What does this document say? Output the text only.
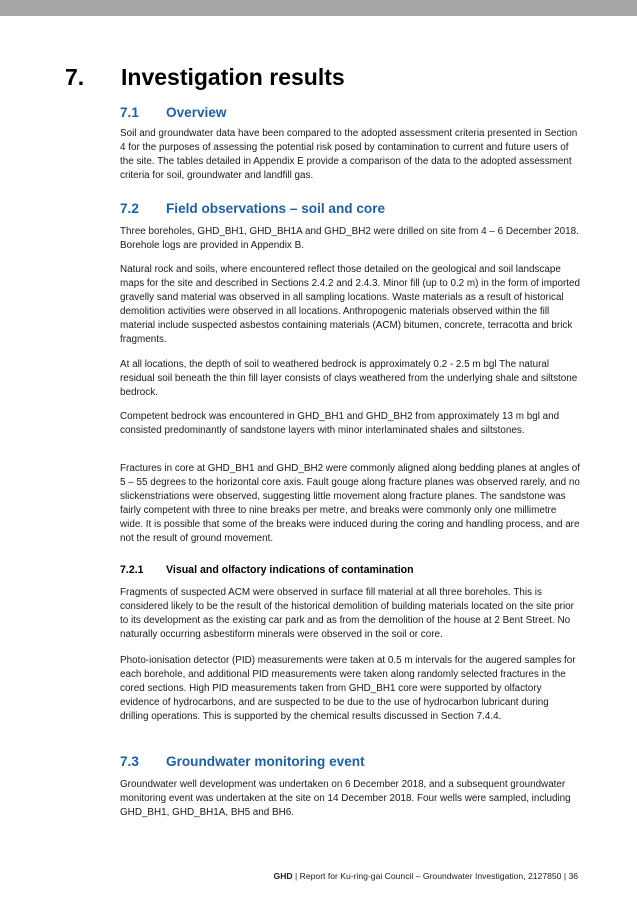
7. Investigation results
7.1 Overview

Soil and groundwater data have been compared to the adopted assessment criteria presented in Section 4 for the purposes of assessing the potential risk posed by contamination to current and future users of the site. The tables detailed in Appendix E provide a comparison of the data to the adopted assessment criteria for soil, groundwater and landfill gas.

7.2 Field observations – soil and core

Three boreholes, GHD_BH1, GHD_BH1A and GHD_BH2 were drilled on site from 4 – 6 December 2018. Borehole logs are provided in Appendix B.

Natural rock and soils, where encountered reflect those detailed on the geological and soil landscape maps for the site and described in Sections 2.4.2 and 2.4.3. Minor fill (up to 0.2 m) in the form of imported gravelly sand material was observed in all sampling locations. Waste materials as a result of historical demolition activities were observed in all locations. Anthropogenic materials observed within the fill material include suspected asbestos containing materials (ACM) bitumen, concrete, terracotta and brick fragments.

At all locations, the depth of soil to weathered bedrock is approximately 0.2 - 2.5 m bgl The natural residual soil beneath the thin fill layer consists of clays weathered from the underlying shale and siltstone bedrock.

Competent bedrock was encountered in GHD_BH1 and GHD_BH2 from approximately 13 m bgl and consisted predominantly of sandstone layers with minor interlaminated shales and siltstones.

Fractures in core at GHD_BH1 and GHD_BH2 were commonly aligned along bedding planes at angles of 5 – 55 degrees to the horizontal core axis. Fault gouge along fracture planes was observed rarely, and no slickenstriations were observed, suggesting little movement along fracture planes. The sandstone was fairly competent with three to nine breaks per metre, and breaks were commonly only one millimetre wide. It is possible that some of the breaks were induced during the coring and handling process, and are not the result of ground movement.

7.2.1 Visual and olfactory indications of contamination

Fragments of suspected ACM were observed in surface fill material at all three boreholes. This is considered likely to be the result of the historical demolition of building materials located on the site prior to its development as the existing car park and as from the demolition of the house at 2 Bent Street. No naturally occurring asbestiform minerals were observed in the soil or core.

Photo-ionisation detector (PID) measurements were taken at 0.5 m intervals for the augered samples for each borehole, and additional PID measurements were taken along randomly selected fractures in the cored sections. High PID measurements taken from GHD_BH1 core were supported by olfactory evidence of hydrocarbons, and are suspected to be due to the use of hydrocarbon lubricant during drilling operations. This is supported by the chemical results discussed in Section 7.4.4.

7.3 Groundwater monitoring event

Groundwater well development was undertaken on 6 December 2018, and a subsequent groundwater monitoring event was undertaken at the site on 14 December 2018. Four wells were sampled, including GHD_BH1, GHD_BH1A, BH5 and BH6.

GHD | Report for Ku-ring-gai Council – Groundwater Investigation, 2127850 | 36
